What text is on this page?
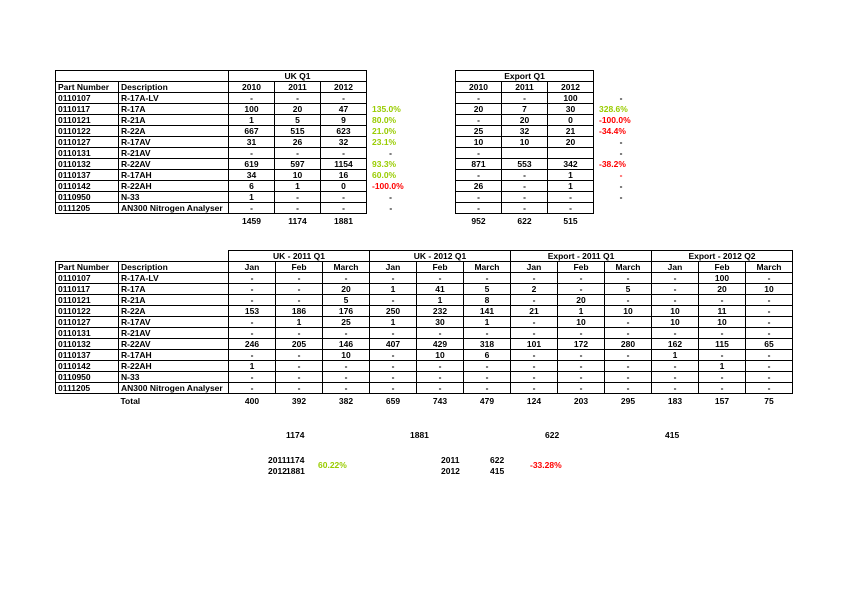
		UK Q1			
Part Number	Description	2010	2011	2012	
0110107	R-17A-LV	-	-	-	
0110117	R-17A	100	20	47	135.0%
0110121	R-21A	1	5	9	80.0%
0110122	R-22A	667	515	623	21.0%
0110127	R-17AV	31	26	32	23.1%
0110131	R-21AV	-	-	-	-
0110132	R-22AV	619	597	1154	93.3%
0110137	R-17AH	34	10	16	60.0%
0110142	R-22AH	6	1	0	-100.0%
0110950	N-33	1	-	-	-
0111205	AN300 Nitrogen Analyser	-	-	-	-
		1459	1174	1881	
Export Q1			
2010	2011	2012	
-	-	100	-
20	7	30	328.6%
-	20	0	-100.0%
25	32	21	-34.4%
10	10	20	-
-			-
871	553	342	-38.2%
-	-	1	-
26	-	1	-
-	-	-	-
-	-	-	
952	622	515	
		UK - 2011 Q1			UK - 2012 Q1			Export - 2011 Q1			Export - 2012 Q2		
Part Number	Description	Jan	Feb	March	Jan	Feb	March	Jan	Feb	March	Jan	Feb	March
0110107	R-17A-LV	-	-	-	-	-	-	-	-	-	-	100	-
0110117	R-17A	-	-	20	1	41	5	2	-	5	-	20	10
0110121	R-21A	-	-	5	-	1	8	-	20	-	-	-	-
0110122	R-22A	153	186	176	250	232	141	21	1	10	10	11	-
0110127	R-17AV	-	1	25	1	30	1	-	10	-	10	10	-
0110131	R-21AV	-	-	-	-	-	-	-	-	-	-	-	-
0110132	R-22AV	246	205	146	407	429	318	101	172	280	162	115	65
0110137	R-17AH	-	-	10	-	10	6	-	-	-	1	-	-
0110142	R-22AH	1	-	-	-	-	-	-	-	-	-	1	-
0110950	N-33	-	-	-	-	-	-	-	-	-	-	-	-
0111205	AN300 Nitrogen Analyser	-	-	-	-	-	-	-	-	-	-	-	-
	Total	400	392	382	659	743	479	124	203	295	183	157	75
1174	1881	622	415
2011 1174
2012 1881
60.22%	2011	622
2012	415
-33.28%
